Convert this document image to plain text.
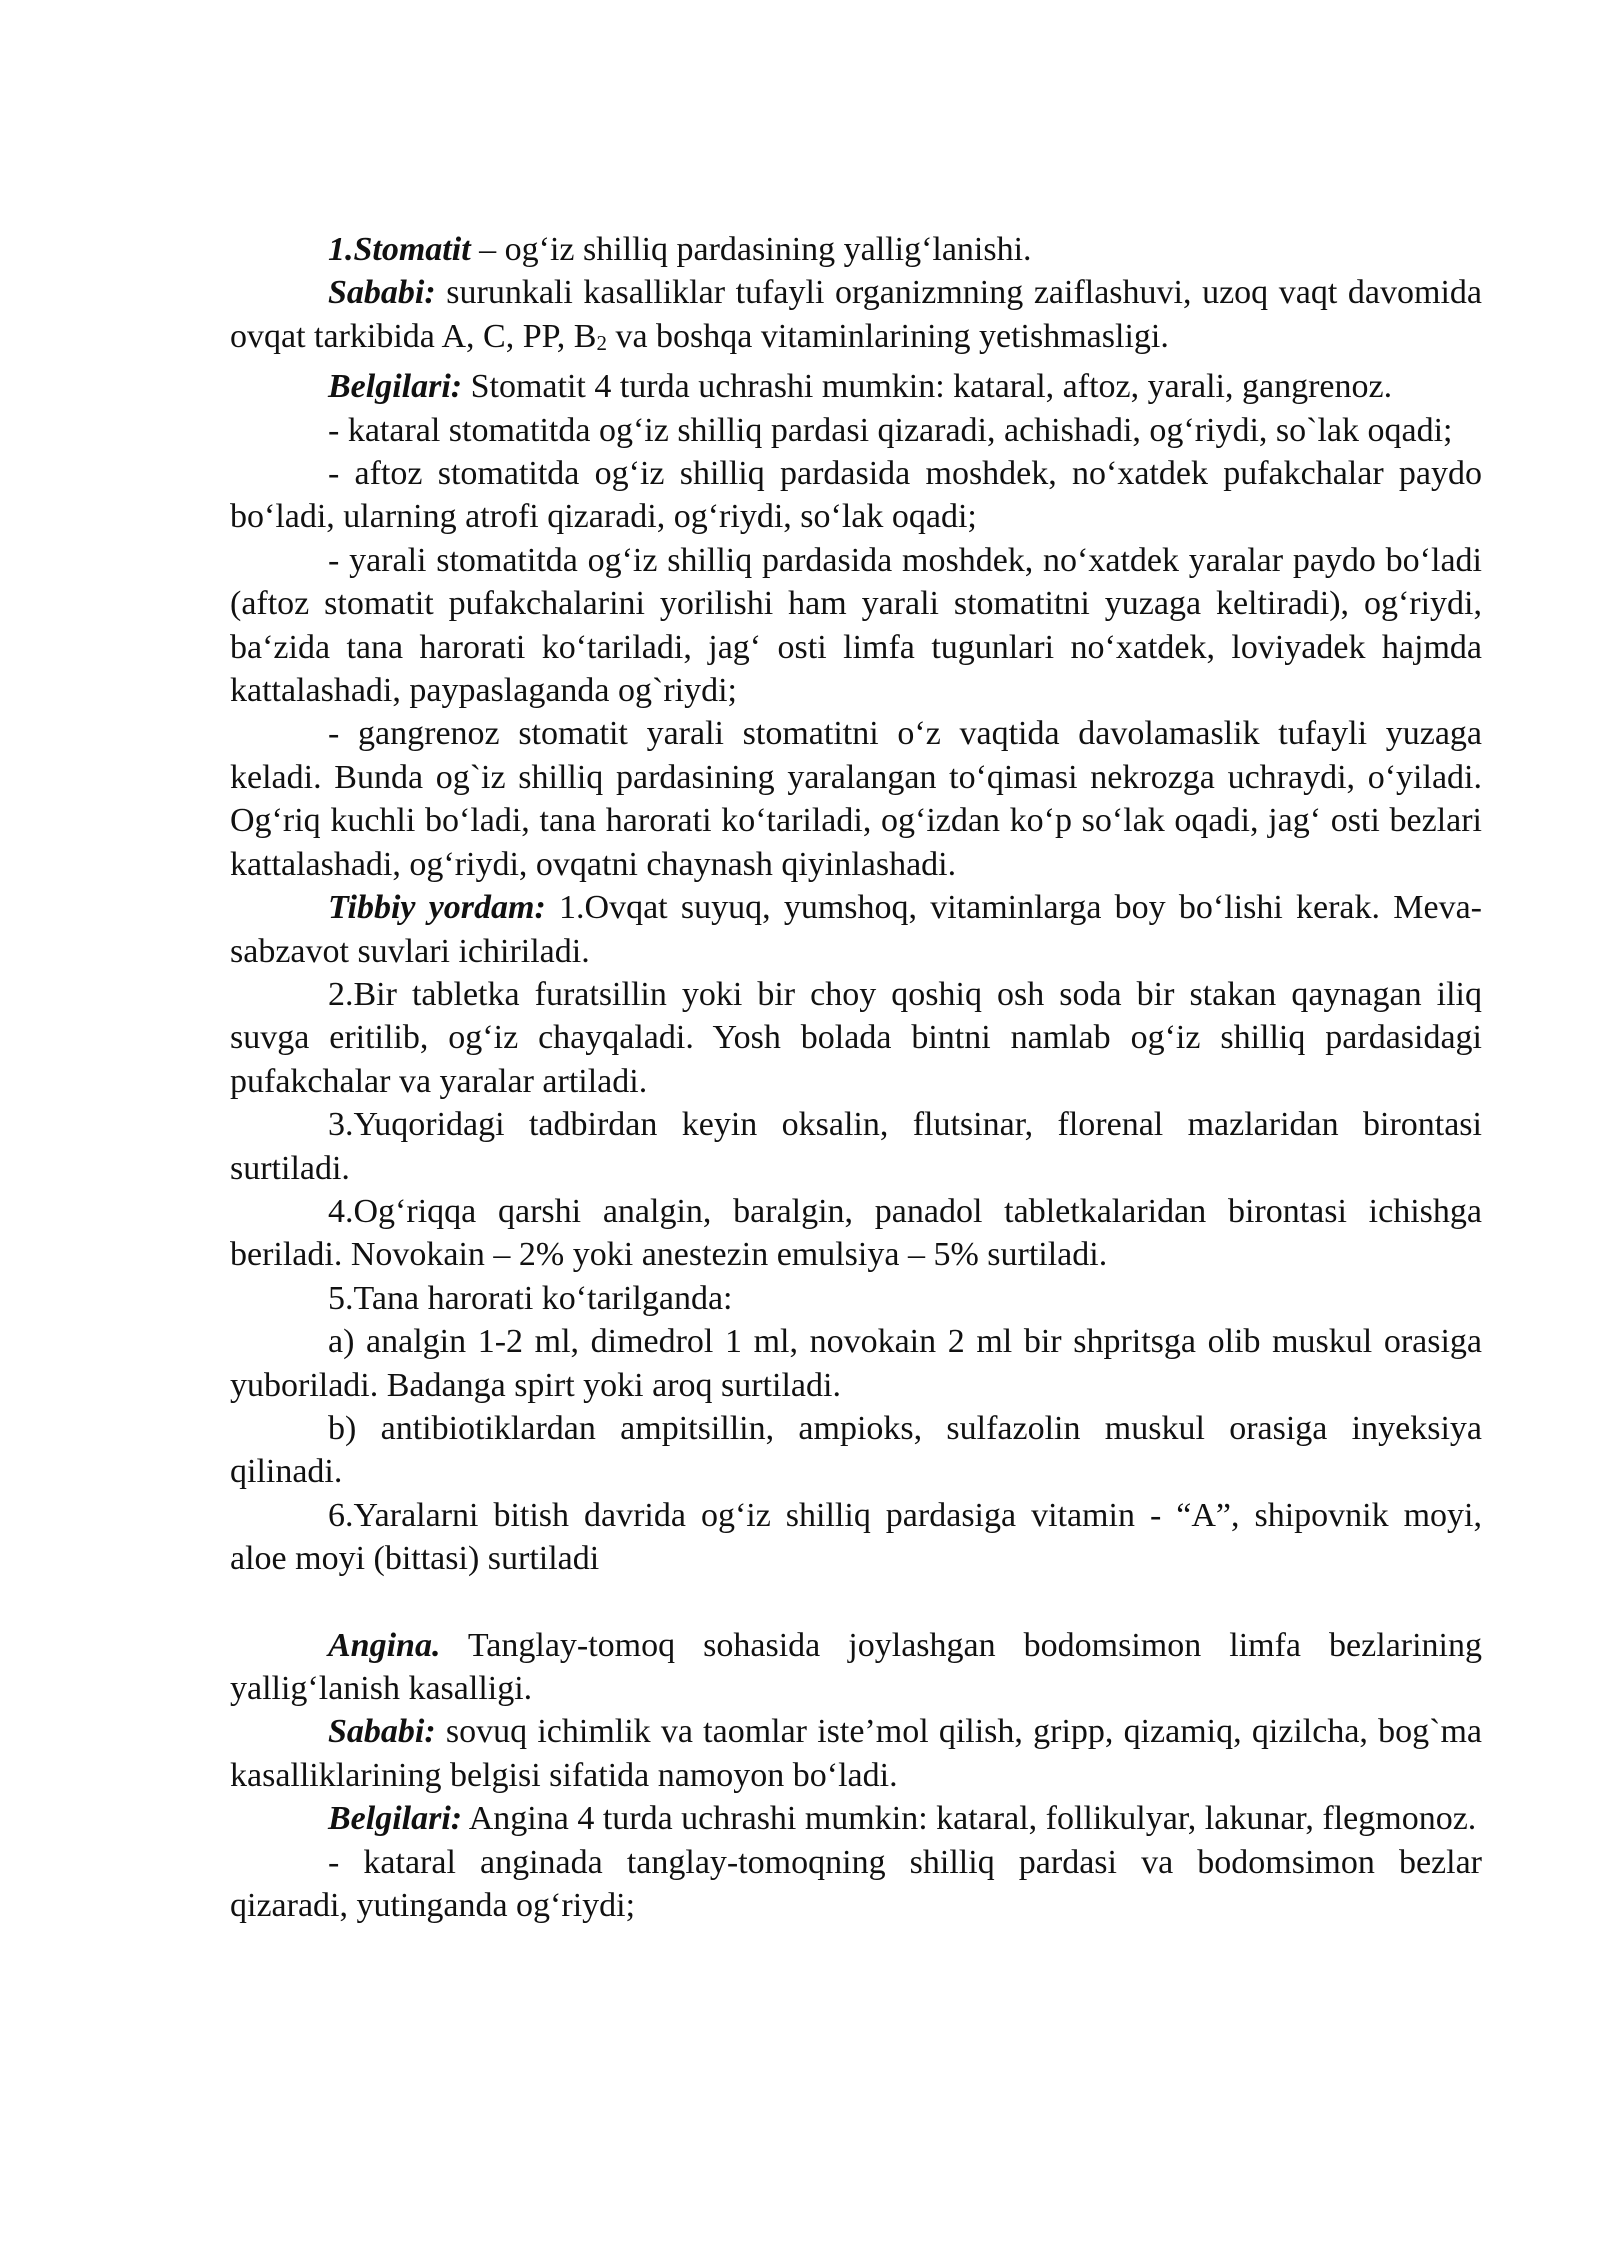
1.Stomatit – og‘iz shilliq pardasining yallig‘lanishi.

Sababi: surunkali kasalliklar tufayli organizmning zaiflashuvi, uzoq vaqt davomida ovqat tarkibida A, C, PP, B2 va boshqa vitaminlarining yetishmasligi.

Belgilari: Stomatit 4 turda uchrashi mumkin: kataral, aftoz, yarali, gangrenoz.

- kataral stomatitda og‘iz shilliq pardasi qizaradi, achishadi, og‘riydi, so`lak oqadi;

- aftoz stomatitda og‘iz shilliq pardasida moshdek, no‘xatdek pufakchalar paydo bo‘ladi, ularning atrofi qizaradi, og‘riydi, so‘lak oqadi;

- yarali stomatitda og‘iz shilliq pardasida moshdek, no‘xatdek yaralar paydo bo‘ladi (aftoz stomatit pufakchalarini yorilishi ham yarali stomatitni yuzaga keltiradi), og‘riydi, ba‘zida tana harorati ko‘tariladi, jag‘ osti limfa tugunlari no‘xatdek, loviyadek hajmda kattalashadi, paypaslaganda og`riydi;

- gangrenoz stomatit yarali stomatitni o‘z vaqtida davolamaslik tufayli yuzaga keladi. Bunda og`iz shilliq pardasining yaralangan to‘qimasi nekrozga uchraydi, o‘yiladi. Og‘riq kuchli bo‘ladi, tana harorati ko‘tariladi, og‘izdan ko‘p so‘lak oqadi, jag‘ osti bezlari kattalashadi, og‘riydi, ovqatni chaynash qiyinlashadi.

Tibbiy yordam: 1.Ovqat suyuq, yumshoq, vitaminlarga boy bo‘lishi kerak. Meva-sabzavot suvlari ichiriladi.

2.Bir tabletka furatsillin yoki bir choy qoshiq osh soda bir stakan qaynagan iliq suvga eritilib, og‘iz chayqaladi. Yosh bolada bintni namlab og‘iz shilliq pardasidagi pufakchalar va yaralar artiladi.

3.Yuqoridagi tadbirdan keyin oksalin, flutsinar, florenal mazlaridan birontasi surtiladi.

4.Og‘riqqa qarshi analgin, baralgin, panadol tabletkalaridan birontasi ichishga beriladi. Novokain – 2% yoki anestezin emulsiya – 5% surtiladi.

5.Tana harorati ko‘tarilganda:

a) analgin 1-2 ml, dimedrol 1 ml, novokain 2 ml bir shpritsga olib muskul orasiga yuboriladi. Badanga spirt yoki aroq surtiladi.

b) antibiotiklardan ampitsillin, ampioks, sulfazolin muskul orasiga inyeksiya qilinadi.

6.Yaralarni bitish davrida og‘iz shilliq pardasiga vitamin - “A”, shipovnik moyi, aloe moyi (bittasi) surtiladi

Angina. Tanglay-tomoq sohasida joylashgan bodomsimon limfa bezlarining yallig‘lanish kasalligi.

Sababi: sovuq ichimlik va taomlar iste’mol qilish, gripp, qizamiq, qizilcha, bog`ma kasalliklarining belgisi sifatida namoyon bo‘ladi.

Belgilari: Angina 4 turda uchrashi mumkin: kataral, follikulyar, lakunar, flegmonoz.

- kataral anginada tanglay-tomoqning shilliq pardasi va bodomsimon bezlar qizaradi, yutinganda og‘riydi;
